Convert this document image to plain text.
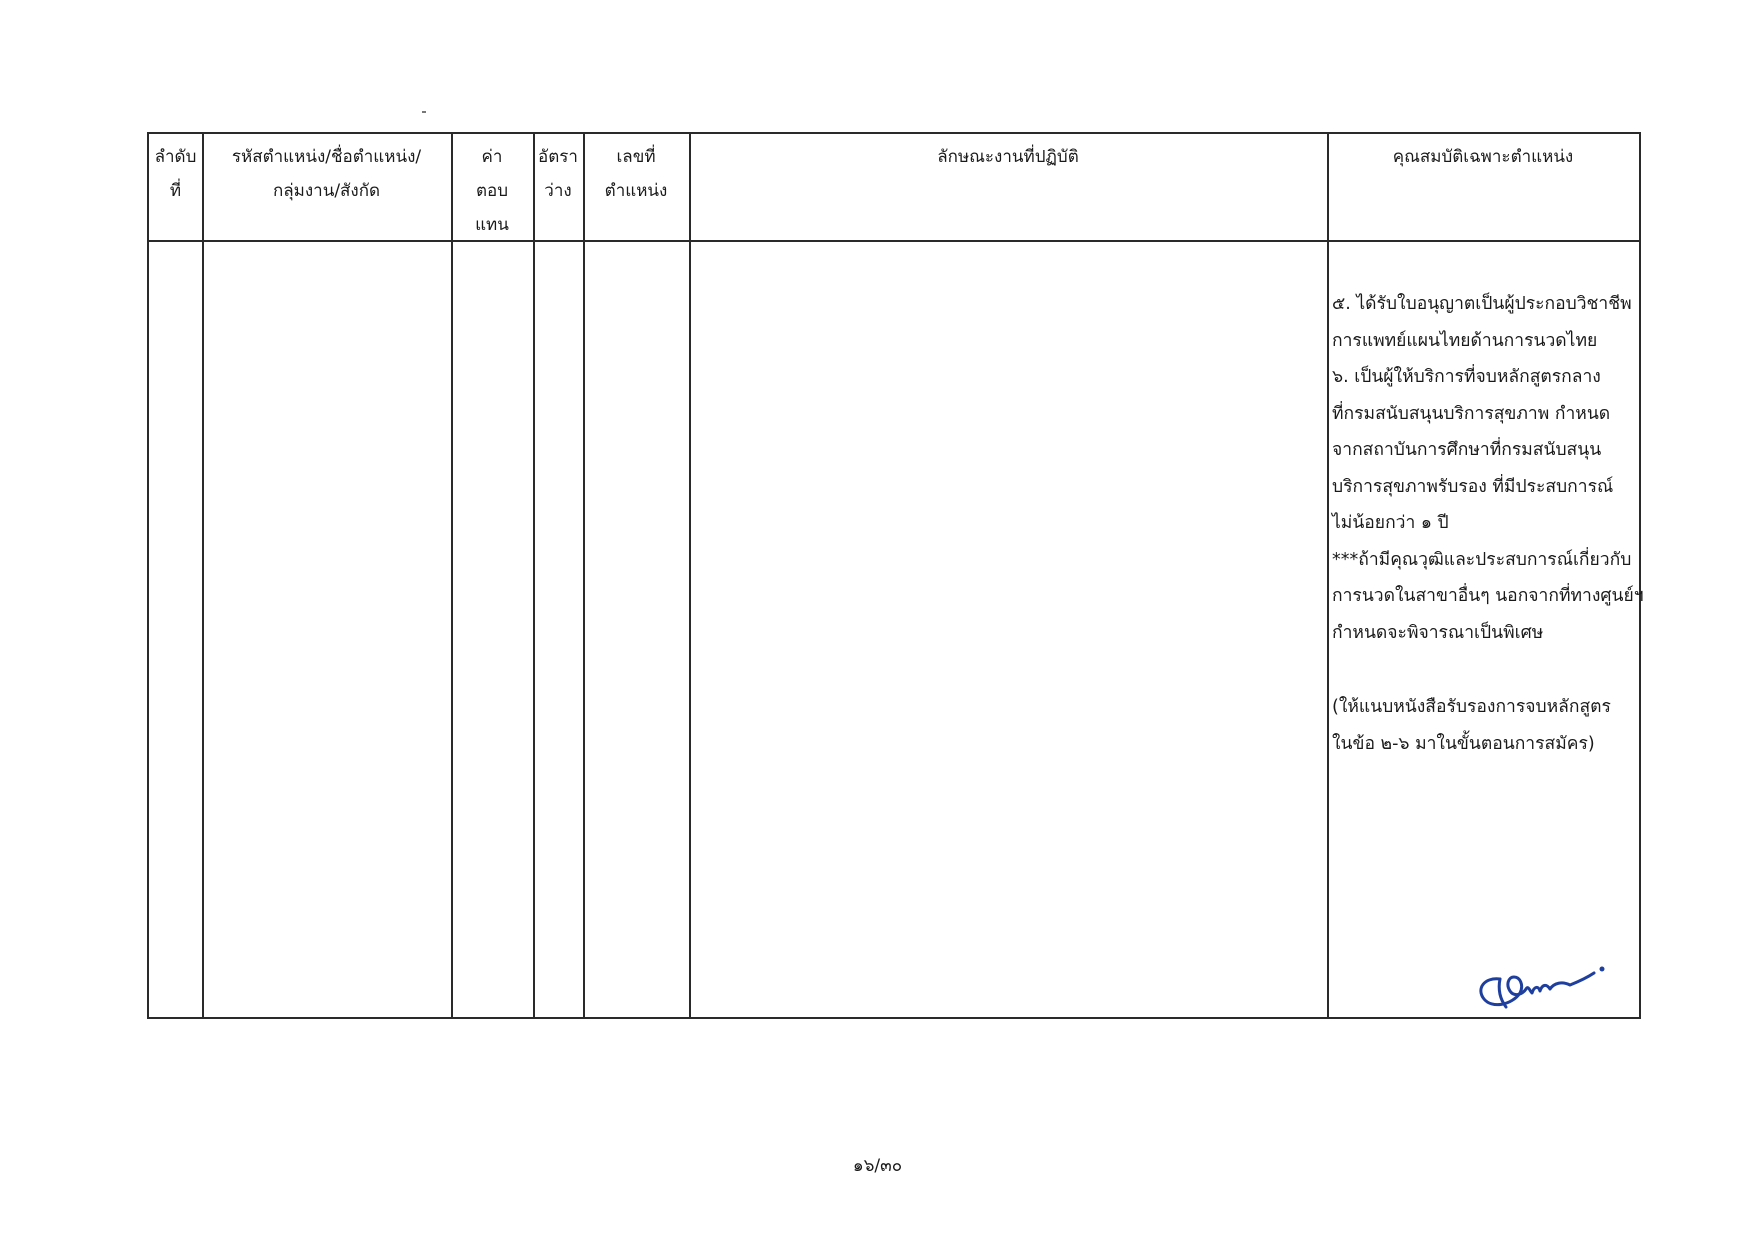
ลำดับ
ที่
รหัสตำแหน่ง/ชื่อตำแหน่ง/
กลุ่มงาน/สังกัด
ค่า
ตอบ
แทน
อัตรา
ว่าง
เลขที่
ตำแหน่ง
ลักษณะงานที่ปฏิบัติ	คุณสมบัติเฉพาะตำแหน่ง
๕. ได้รับใบอนุญาตเป็นผู้ประกอบวิชาชีพ
การแพทย์แผนไทยด้านการนวดไทย
๖. เป็นผู้ให้บริการที่จบหลักสูตรกลาง
ที่กรมสนับสนุนบริการสุขภาพ กำหนด
จากสถาบันการศึกษาที่กรมสนับสนุน
บริการสุขภาพรับรอง ที่มีประสบการณ์
ไม่น้อยกว่า ๑ ปี
***ถ้ามีคุณวุฒิและประสบการณ์เกี่ยวกับ
การนวดในสาขาอื่นๆ นอกจากที่ทางศูนย์ฯ
กำหนดจะพิจารณาเป็นพิเศษ
(ให้แนบหนังสือรับรองการจบหลักสูตร
ในข้อ ๒-๖ มาในขั้นตอนการสมัคร)
๑๖/๓๐
